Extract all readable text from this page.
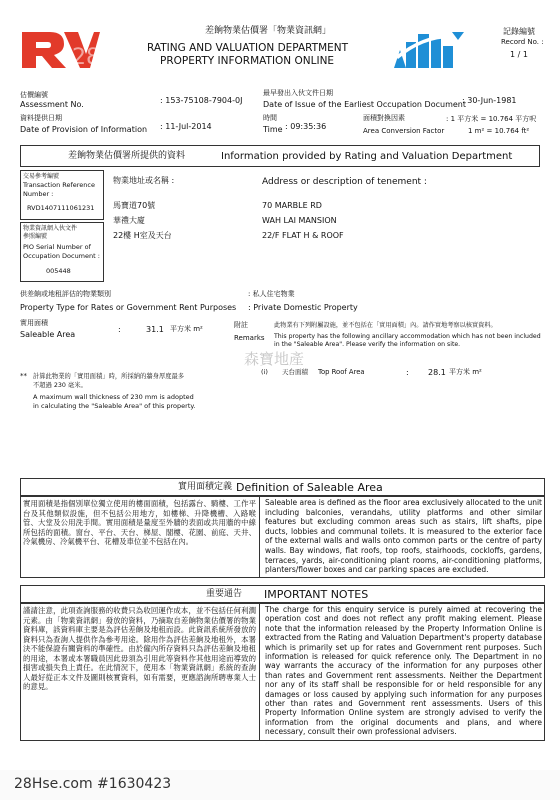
28
差餉物業估價署「物業資訊網」
RATING AND VALUATION DEPARTMENT
PROPERTY INFORMATION ONLINE
記錄編號
Record No. :
1 / 1
估價編號
Assessment No.	: 153-75108-7904-0J
資料提供日期
Date of Provision of Information : 11-Jul-2014
最早發出入伙文件日期
Date of Issue of the Earliest Occupation Document
: 30-Jun-1981
時間
Time : 09:35:36
面積對換因素
Area Conversion Factor
: 1 平方米 = 10.764 平方呎
1 m² = 10.764 ft²
差餉物業估價署所提供的資料	Information provided by Rating and Valuation Department
交易參考編號
Transaction Reference
Number :
RVD1407111061231
物業資訊網入伙文件
參照編號
PIO Serial Number of
Occupation Document :
005448
物業地址或名稱 :	Address or description of tenement :
馬寶道70號
華禮大廈
22樓 H室及天台
70 MARBLE RD
WAH LAI MANSION
22/F FLAT H & ROOF
供差餉或地租評估的物業類別
Property Type for Rates or Government Rent Purposes
: 私人住宅物業
: Private Domestic Property
實用面積
Saleable Area
:	31.1 平方米 m²	附註
Remarks
此物業有下列附屬設施，並不包括在「實用面積」內。請作實地考察以核實資料。
This property has the following ancillary accommodation which has not been included in the "Saleable Area". Please verify the information on site.
森寶地產
(i) 天台面積 Top Roof Area	: 28.1 平方米 m²
** 計算此物業的「實用面積」時，所採納的牆身厚度最多
不超過 230 毫米。
A maximum wall thickness of 230 mm is adopted
in calculating the "Saleable Area" of this property.
實用面積定義 Definition of Saleable Area
實用面積是指個別單位獨立使用的樓面面積，包括露台、騎樓、工作平台及其他類似設施，但不包括公用地方，如樓梯、升降機槽、入路喉管、大堂及公用洗手間。實用面積是量度至外牆的表面或共用牆的中線所包括的面積。窗台、平台、天台、梯屋、閣樓、花園、前庭、天井、冷氣機房、冷氣機平台、花槽及車位並不包括在內。
Saleable area is defined as the floor area exclusively allocated to the unit including balconies, verandahs, utility platforms and other similar features but excluding common areas such as stairs, lift shafts, pipe ducts, lobbies and communal toilets. It is measured to the exterior face of the external walls and walls onto common parts or the centre of party walls. Bay windows, flat roofs, top roofs, stairhoods, cockloffs, gardens, terraces, yards, air-conditioning plant rooms, air-conditioning platforms, planters/flower boxes and car parking spaces are excluded.
重要通告 IMPORTANT NOTES
謹請注意，此項查詢服務的收費只為收回運作成本，並不包括任何利潤元素。由「物業資訊網」發放的資料，乃摘取自差餉物業估價署的物業資料庫，該資料庫主要是為評估差餉及地租而設。此資訊系統所發放的資料只為查詢人提供作為參考用途。除用作為評估差餉及地租外，本署決不能保證有關資料的準確性。由於僱內所存資料只為評估差餉及地租的用途，本署或本署職員因此毋須為引用此等資料作其他用途而導致的損害或損失負上責任。在此情況下，使用本「物業資訊網」系統的查詢人最好從正本文件及圖則核實資料，如有需要，更應諮詢所聘專業人士的意見。
The charge for this enquiry service is purely aimed at recovering the operation cost and does not reflect any profit making element. Please note that the information released by the Property Information Online is extracted from the Rating and Valuation Department's property database which is primarily set up for rates and Government rent purposes. Such information is released for quick reference only. The Department in no way warrants the accuracy of the information for any purposes other than rates and Government rent assessments. Neither the Department nor any of its staff shall be responsible for or held responsible for any damages or loss caused by applying such information for any purposes other than rates and Government rent assessments. Users of this Property Information Online system are strongly advised to verify the information from the original documents and plans, and where necessary, consult their own professional advisers.
28Hse.com #1630423
